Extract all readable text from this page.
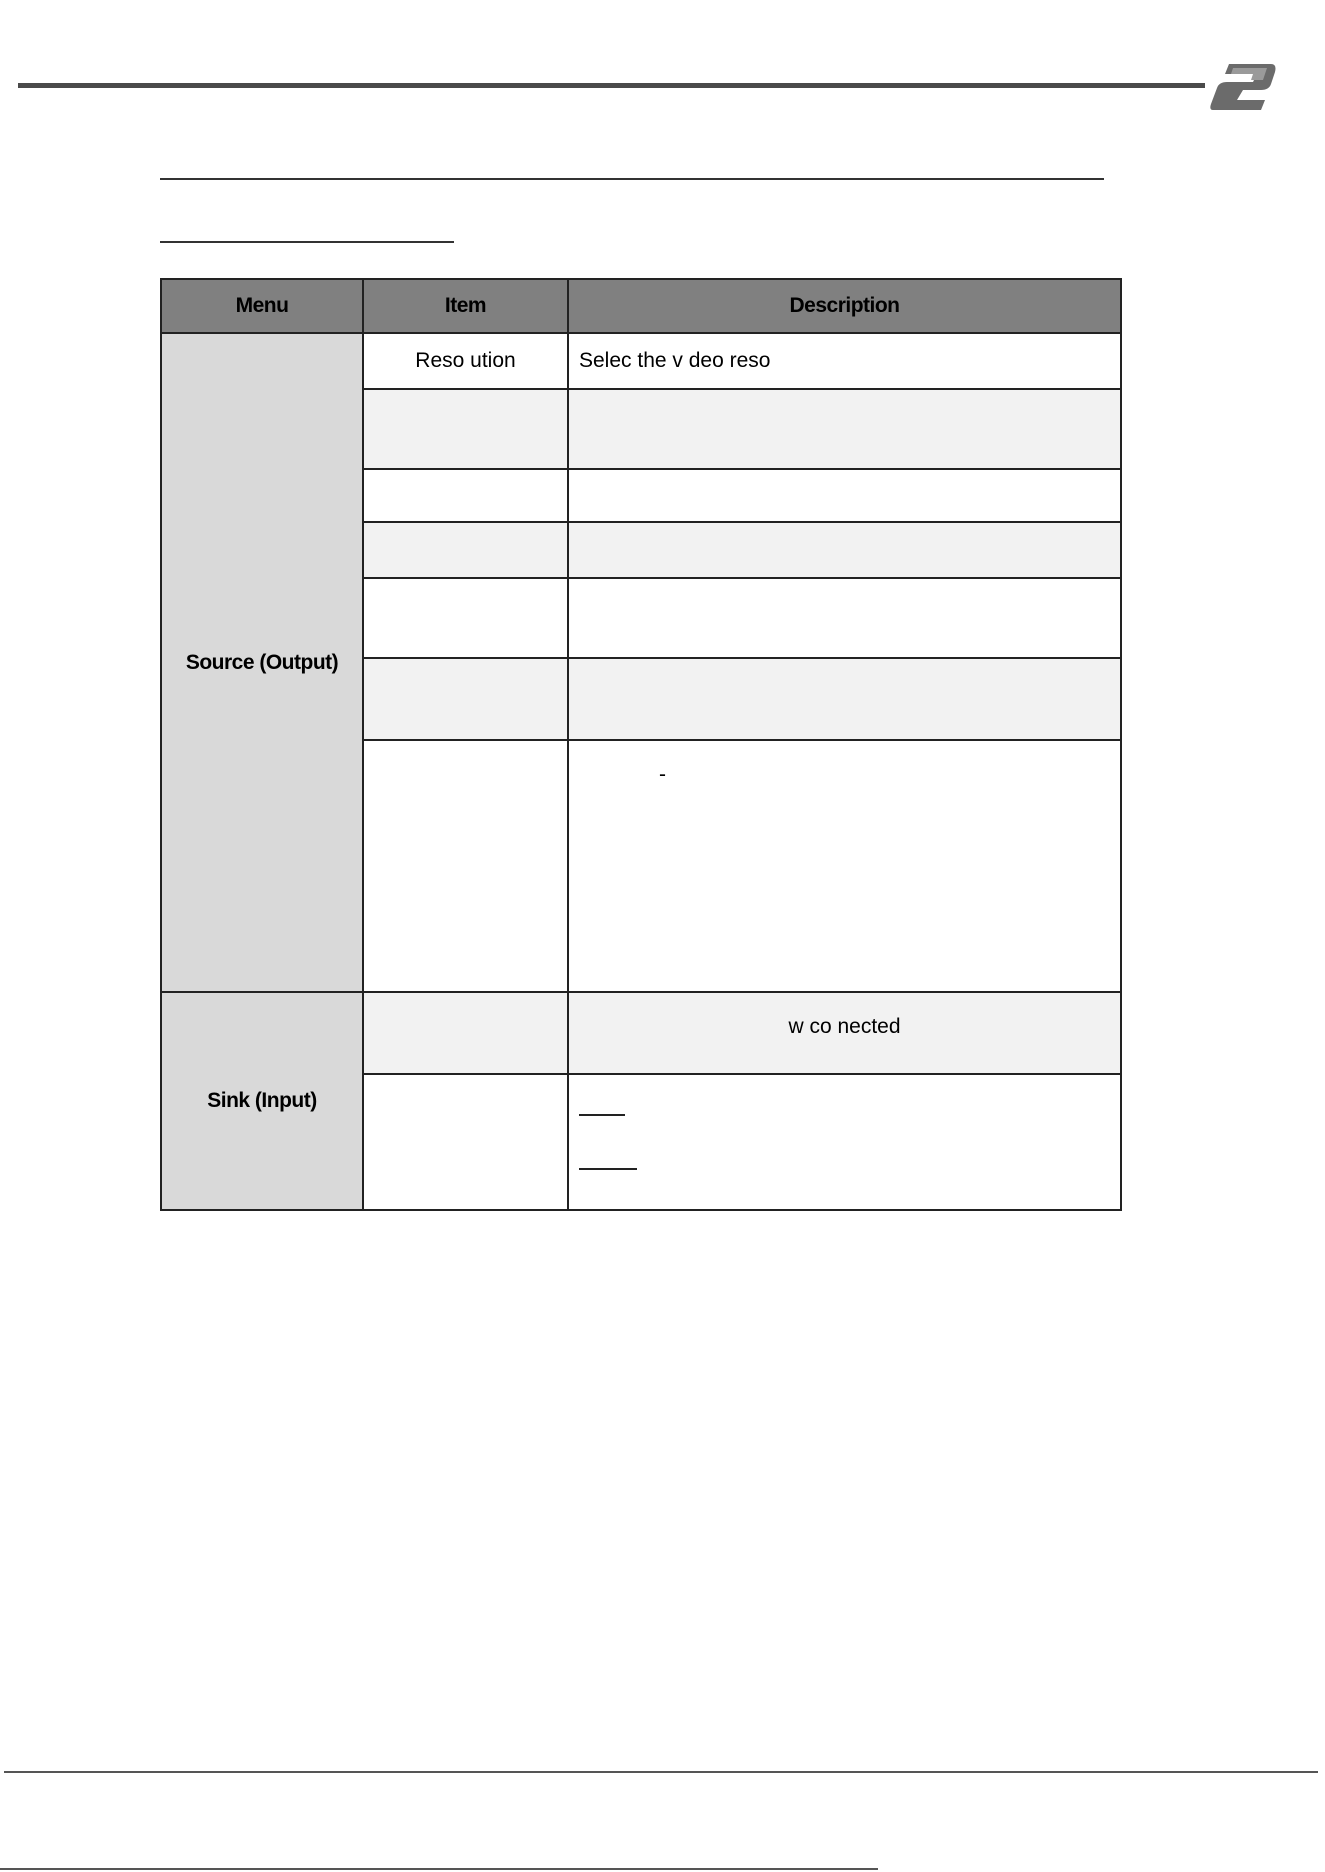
Menu	Item	Description
Source (Output)	Reso ution	Selec the v deo reso

		-
Sink (Input)		w co nected
